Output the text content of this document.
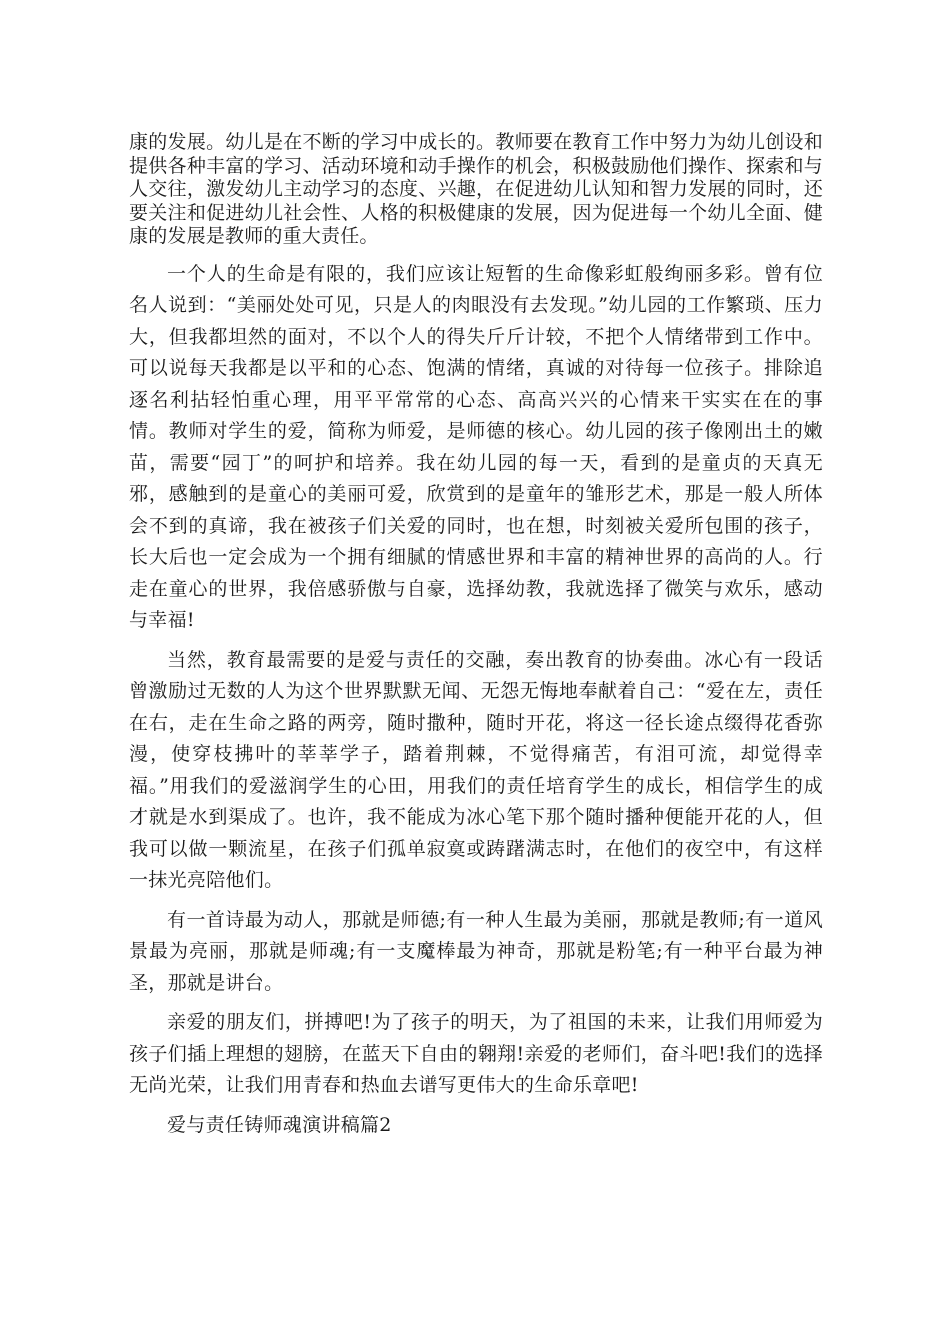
康的发展。幼儿是在不断的学习中成长的。教师要在教育工作中努力为幼儿创设和提供各种丰富的学习、活动环境和动手操作的机会，积极鼓励他们操作、探索和与人交往，激发幼儿主动学习的态度、兴趣，在促进幼儿认知和智力发展的同时，还要关注和促进幼儿社会性、人格的积极健康的发展，因为促进每一个幼儿全面、健康的发展是教师的重大责任。

一个人的生命是有限的，我们应该让短暂的生命像彩虹般绚丽多彩。曾有位名人说到：“美丽处处可见，只是人的肉眼没有去发现。”幼儿园的工作繁琐、压力大，但我都坦然的面对，不以个人的得失斤斤计较，不把个人情绪带到工作中。可以说每天我都是以平和的心态、饱满的情绪，真诚的对待每一位孩子。排除追逐名利拈轻怕重心理，用平平常常的心态、高高兴兴的心情来干实实在在的事情。教师对学生的爱，简称为师爱，是师德的核心。幼儿园的孩子像刚出土的嫩苗，需要“园丁”的呵护和培养。我在幼儿园的每一天，看到的是童贞的天真无邪，感触到的是童心的美丽可爱，欣赏到的是童年的雏形艺术，那是一般人所体会不到的真谛，我在被孩子们关爱的同时，也在想，时刻被关爱所包围的孩子，长大后也一定会成为一个拥有细腻的情感世界和丰富的精神世界的高尚的人。行走在童心的世界，我倍感骄傲与自豪，选择幼教，我就选择了微笑与欢乐，感动与幸福!

当然，教育最需要的是爱与责任的交融，奏出教育的协奏曲。冰心有一段话曾激励过无数的人为这个世界默默无闻、无怨无悔地奉献着自己：“爱在左，责任在右，走在生命之路的两旁，随时撒种，随时开花，将这一径长途点缀得花香弥漫，使穿枝拂叶的莘莘学子，踏着荆棘，不觉得痛苦，有泪可流，却觉得幸福。”用我们的爱滋润学生的心田，用我们的责任培育学生的成长，相信学生的成才就是水到渠成了。也许，我不能成为冰心笔下那个随时播种便能开花的人，但我可以做一颗流星，在孩子们孤单寂寞或踌躇满志时，在他们的夜空中，有这样一抹光亮陪他们。

有一首诗最为动人，那就是师德;有一种人生最为美丽，那就是教师;有一道风景最为亮丽，那就是师魂;有一支魔棒最为神奇，那就是粉笔;有一种平台最为神圣，那就是讲台。

亲爱的朋友们，拼搏吧!为了孩子的明天，为了祖国的未来，让我们用师爱为孩子们插上理想的翅膀，在蓝天下自由的翱翔!亲爱的老师们，奋斗吧!我们的选择无尚光荣，让我们用青春和热血去谱写更伟大的生命乐章吧!

爱与责任铸师魂演讲稿篇2
